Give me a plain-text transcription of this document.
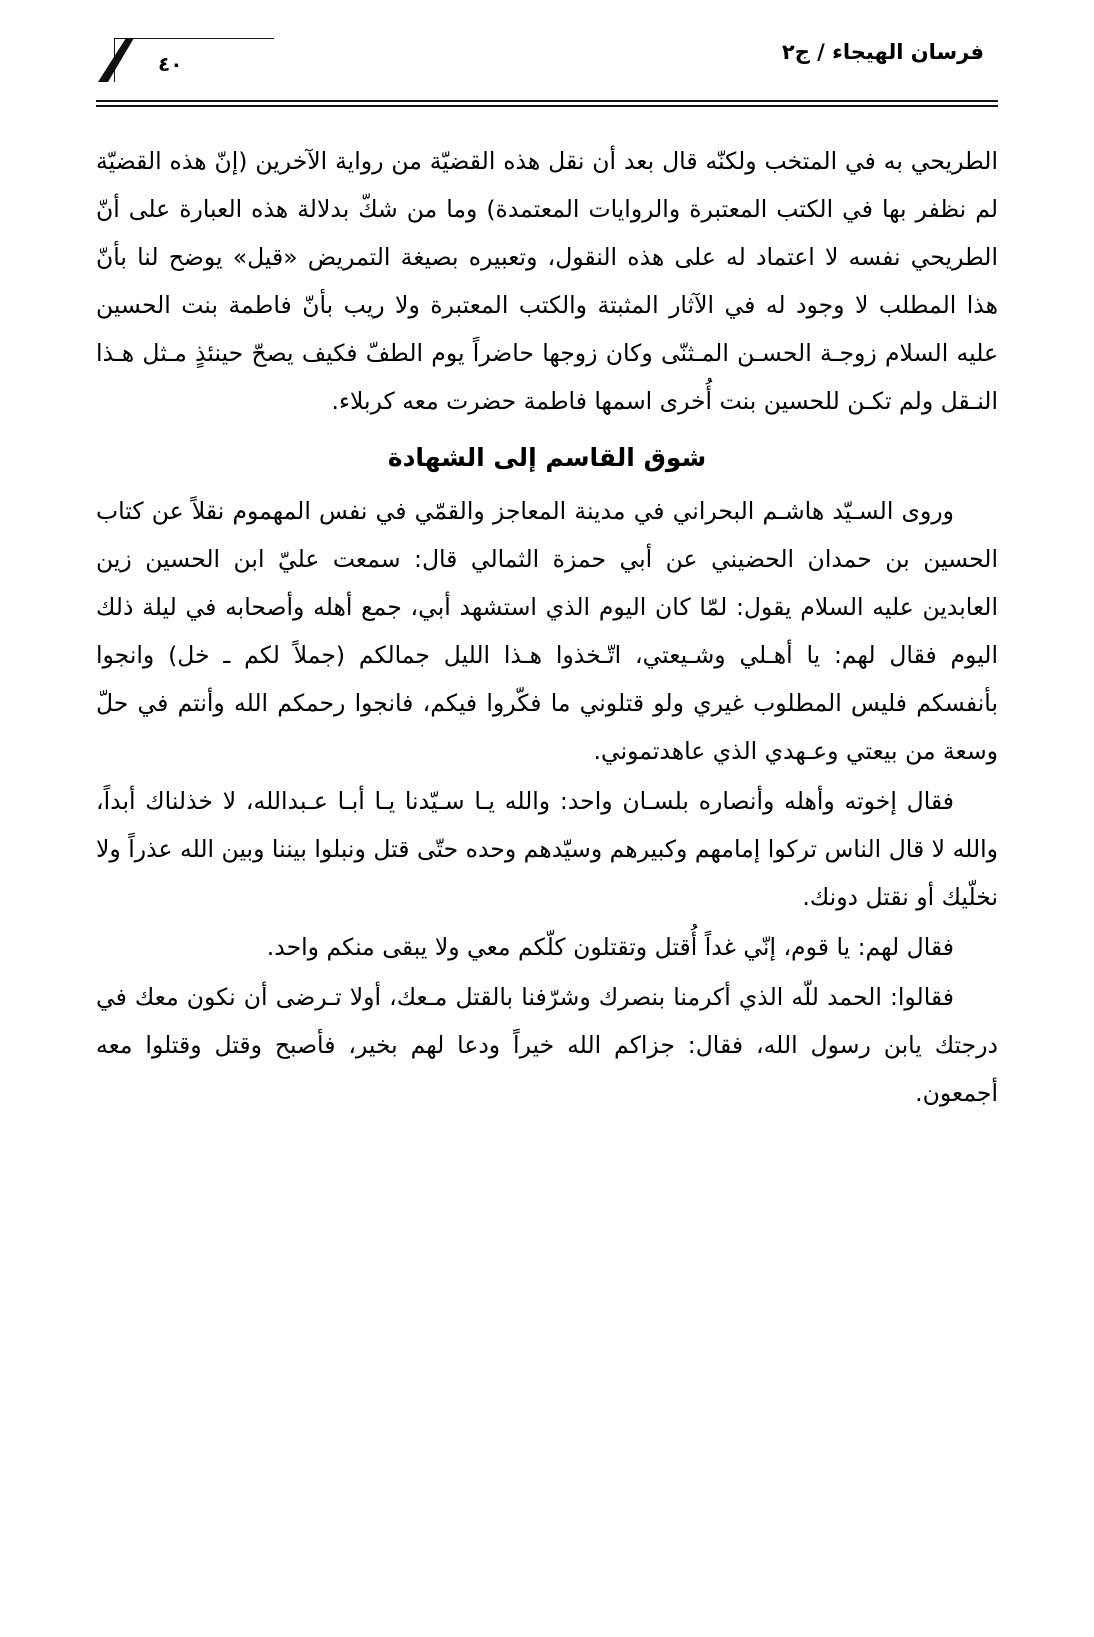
فرسان الهيجاء / ج٢
٤٠

الطريحي به في المتخب ولكنّه قال بعد أن نقل هذه القضيّة من رواية الآخرين (إنّ هذه القضيّة لم نظفر بها في الكتب المعتبرة والروايات المعتمدة) وما من شكّ بدلالة هذه العبارة على أنّ الطريحي نفسه لا اعتماد له على هذه النقول، وتعبيره بصيغة التمريض «قيل» يوضح لنا بأنّ هذا المطلب لا وجود له في الآثار المثبتة والكتب المعتبرة ولا ريب بأنّ فاطمة بنت الحسين عليه السلام زوجـة الحسـن المـثنّى وكان زوجها حاضراً يوم الطفّ فكيف يصحّ حينئذٍ مـثل هـذا النـقل ولم تكـن للحسين بنت أُخرى اسمها فاطمة حضرت معه كربلاء.

شوق القاسم إلى الشهادة

وروى السـيّد هاشـم البحراني في مدينة المعاجز والقمّي في نفس المهموم نقلاً عن كتاب الحسين بن حمدان الحضيني عن أبي حمزة الثمالي قال: سمعت عليّ ابن الحسين زين العابدين عليه السلام يقول: لمّا كان اليوم الذي استشهد أبي، جمع أهله وأصحابه في ليلة ذلك اليوم فقال لهم: يا أهـلي وشـيعتي، اتّـخذوا هـذا الليل جمالكم (جملاً لكم ـ خل) وانجوا بأنفسكم فليس المطلوب غيري ولو قتلوني ما فكّروا فيكم، فانجوا رحمكم الله وأنتم في حلّ وسعة من بيعتي وعـهدي الذي عاهدتموني.

فقال إخوته وأهله وأنصاره بلسـان واحد: والله يـا سـيّدنا يـا أبـا عـبدالله، لا خذلناك أبداً، والله لا قال الناس تركوا إمامهم وكبيرهم وسيّدهم وحده حتّى قتل ونبلوا بيننا وبين الله عذراً ولا نخلّيك أو نقتل دونك.

فقال لهم: يا قوم، إنّي غداً أُقتل وتقتلون كلّكم معي ولا يبقى منكم واحد.

فقالوا: الحمد للّه الذي أكرمنا بنصرك وشرّفنا بالقتل مـعك، أولا تـرضى أن نكون معك في درجتك يابن رسول الله، فقال: جزاكم الله خيراً ودعا لهم بخير، فأصبح وقتل وقتلوا معه أجمعون.
